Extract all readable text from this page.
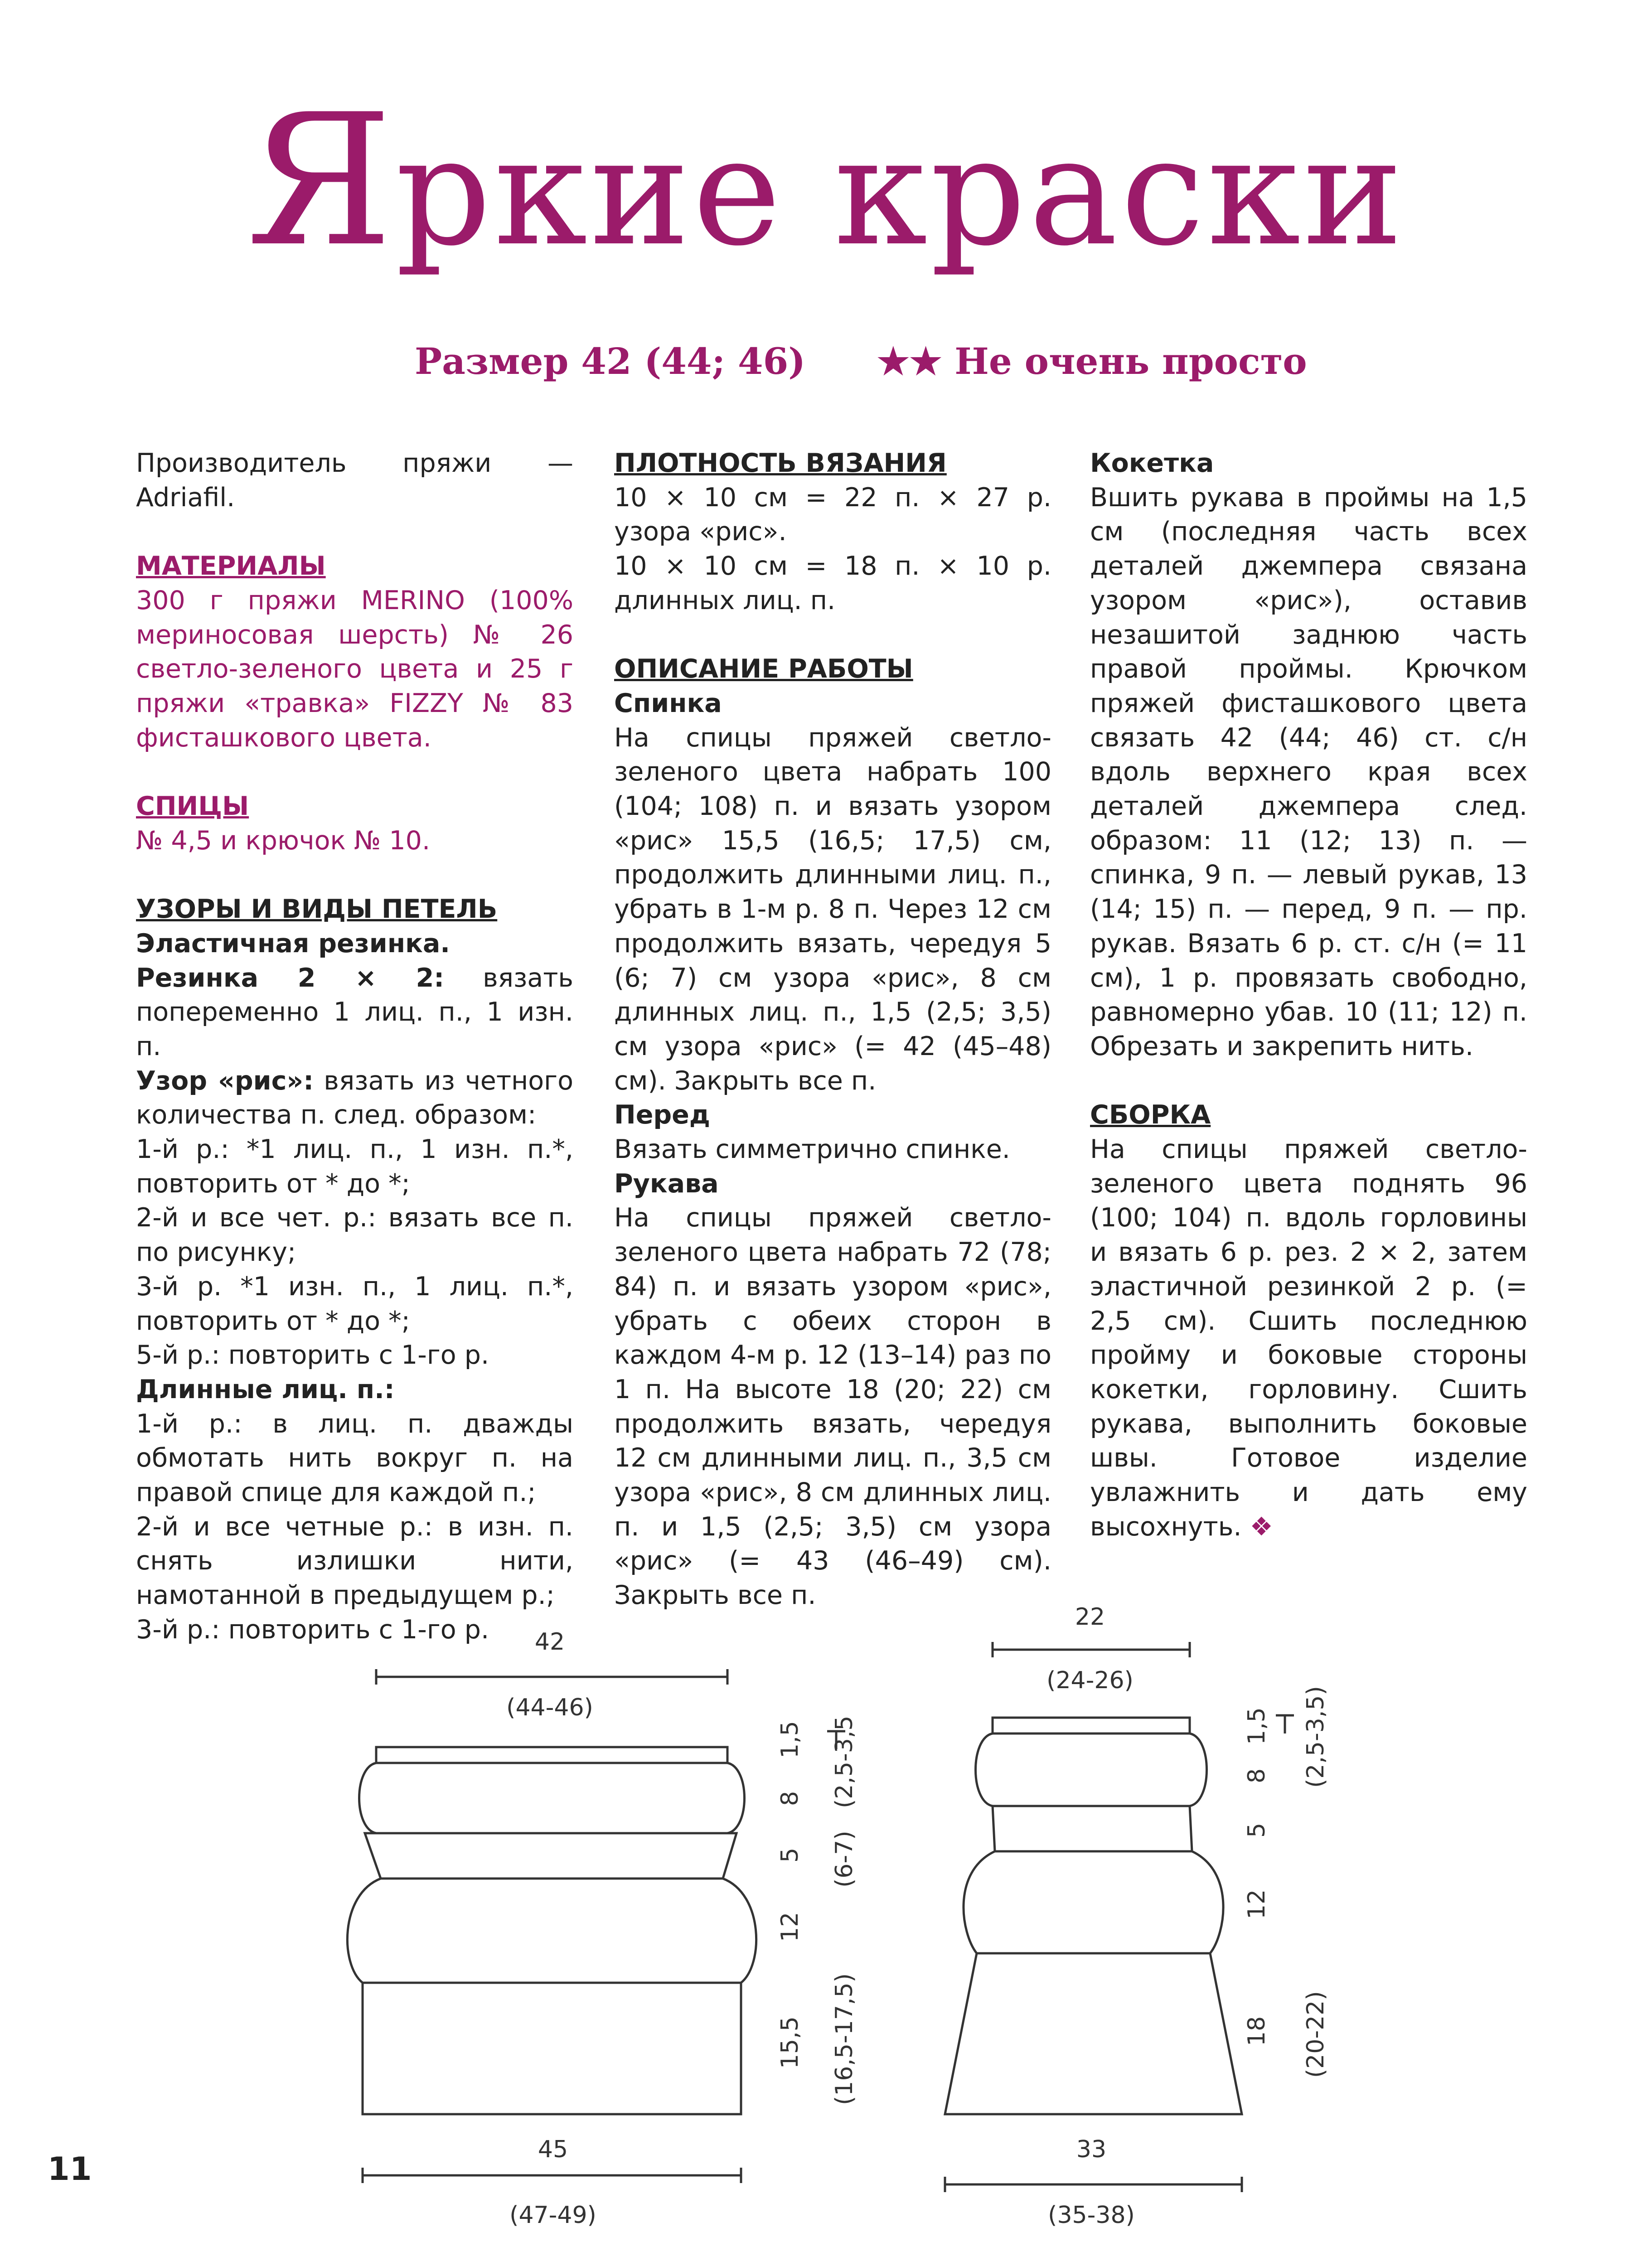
Яркие краски
Размер 42 (44; 46) ★★ Не очень просто

Производитель пряжи — Adriafil.

МАТЕРИАЛЫ

300 г пряжи MERINO (100% мериносовая шерсть) № 26 светло-зеленого цвета и 25 г пряжи «травка» FIZZY № 83 фисташкового цвета.

СПИЦЫ

№ 4,5 и крючок № 10.

УЗОРЫ И ВИДЫ ПЕТЕЛЬ

Эластичная резинка.

Резинка 2 × 2: вязать попеременно 1 лиц. п., 1 изн. п.

Узор «рис»: вязать из четного количества п. след. образом:

1-й р.: *1 лиц. п., 1 изн. п.*, повторить от * до *;

2-й и все чет. р.: вязать все п. по рисунку;

3-й р. *1 изн. п., 1 лиц. п.*, повторить от * до *;

5-й р.: повторить с 1-го р.

Длинные лиц. п.:

1-й р.: в лиц. п. дважды обмотать нить вокруг п. на правой спице для каждой п.;

2-й и все четные р.: в изн. п. снять излишки нити, намотанной в предыдущем р.;

3-й р.: повторить с 1-го р.

ПЛОТНОСТЬ ВЯЗАНИЯ

10 × 10 см = 22 п. × 27 р. узора «рис».

10 × 10 см = 18 п. × 10 р. длинных лиц. п.

ОПИСАНИЕ РАБОТЫ

Спинка

На спицы пряжей светло-зеленого цвета набрать 100 (104; 108) п. и вязать узором «рис» 15,5 (16,5; 17,5) см, продолжить длинными лиц. п., убрать в 1-м р. 8 п. Через 12 см продолжить вязать, чередуя 5 (6; 7) см узора «рис», 8 см длинных лиц. п., 1,5 (2,5; 3,5) см узора «рис» (= 42 (45–48) см). Закрыть все п.

Перед

Вязать симметрично спинке.

Рукава

На спицы пряжей светло-зеленого цвета набрать 72 (78; 84) п. и вязать узором «рис», убрать с обеих сторон в каждом 4-м р. 12 (13–14) раз по 1 п. На высоте 18 (20; 22) см продолжить вязать, чередуя 12 см длинными лиц. п., 3,5 см узора «рис», 8 см длинных лиц. п. и 1,5 (2,5; 3,5) см узора «рис» (= 43 (46–49) см). Закрыть все п.

Кокетка

Вшить рукава в проймы на 1,5 см (последняя часть всех деталей джемпера связана узором «рис»), оставив незашитой заднюю часть правой проймы. Крючком пряжей фисташкового цвета связать 42 (44; 46) ст. с/н вдоль верхнего края всех деталей джемпера след. образом: 11 (12; 13) п. — спинка, 9 п. — левый рукав, 13 (14; 15) п. — перед, 9 п. — пр. рукав. Вязать 6 р. ст. с/н (= 11 см), 1 р. провязать свободно, равномерно убав. 10 (11; 12) п. Обрезать и закрепить нить.

СБОРКА

На спицы пряжей светло-зеленого цвета поднять 96 (100; 104) п. вдоль горловины и вязать 6 р. рез. 2 × 2, затем эластичной резинкой 2 р. (= 2,5 см). Сшить последнюю пройму и боковые стороны кокетки, горловину. Сшить рукава, выполнить боковые швы. Готовое изделие увлажнить и дать ему высохнуть. ❖

42
(44-46)
45
(47-49)
1,5
8
5
12
15,5
(2,5-3,5
(6-7)
(16,5-17,5)
22
(24-26)
33
(35-38)
1,5
8
5
12
18
(2,5-3,5)
(20-22)
11
